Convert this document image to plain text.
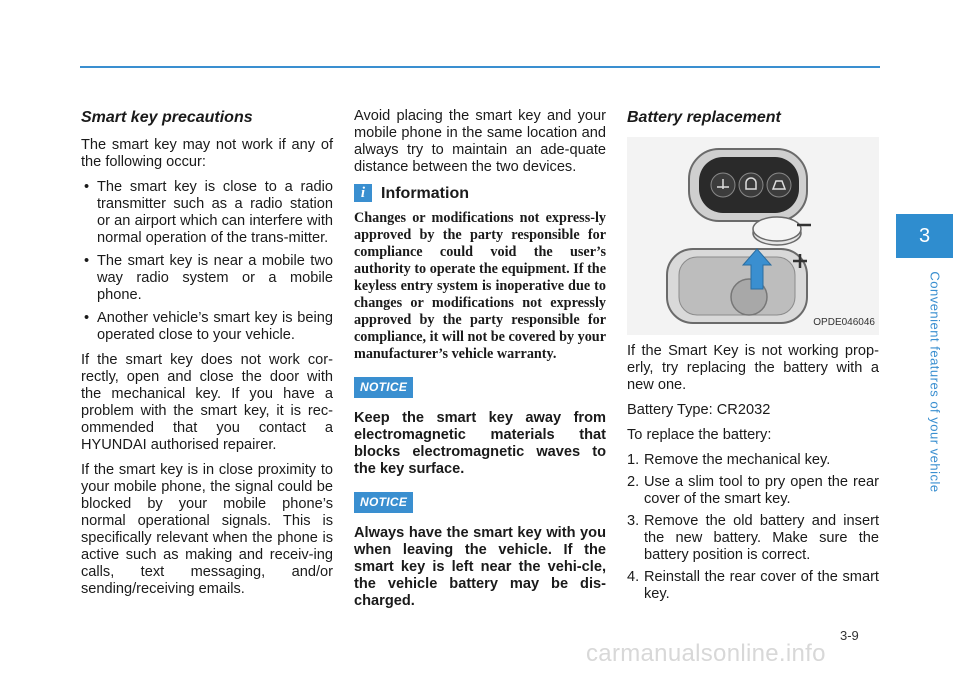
Smart key precautions

The smart key may not work if any of the following occur:

• The smart key is close to a radio transmitter such as a radio station or an airport which can interfere with normal operation of the trans-mitter.
• The smart key is near a mobile two way radio system or a mobile phone.
• Another vehicle’s smart key is being operated close to your vehicle.

If the smart key does not work cor-rectly, open and close the door with the mechanical key. If you have a problem with the smart key, it is rec-ommended that you contact a HYUNDAI authorised repairer.

If the smart key is in close proximity to your mobile phone, the signal could be blocked by your mobile phone’s normal operational signals. This is specifically relevant when the phone is active such as making and receiv-ing calls, text messaging, and/or sending/receiving emails.

Avoid placing the smart key and your mobile phone in the same location and always try to maintain an ade-quate distance between the two devices.

i Information

Changes or modifications not express-ly approved by the party responsible for compliance could void the user’s authority to operate the equipment. If the keyless entry system is inoperative due to changes or modifications not expressly approved by the party responsible for compliance, it will not be covered by your manufacturer’s vehicle warranty.

NOTICE

Keep the smart key away from electromagnetic materials that blocks electromagnetic waves to the key surface.

NOTICE

Always have the smart key with you when leaving the vehicle. If the smart key is left near the vehi-cle, the vehicle battery may be dis-charged.

Battery replacement
OPDE046046

If the Smart Key is not working prop-erly, try replacing the battery with a new one.

Battery Type: CR2032

To replace the battery:

1. Remove the mechanical key.
2. Use a slim tool to pry open the rear cover of the smart key.
3. Remove the old battery and insert the new battery. Make sure the battery position is correct.
4. Reinstall the rear cover of the smart key.
3
Convenient features of your vehicle
3-9
carmanualsonline.info
